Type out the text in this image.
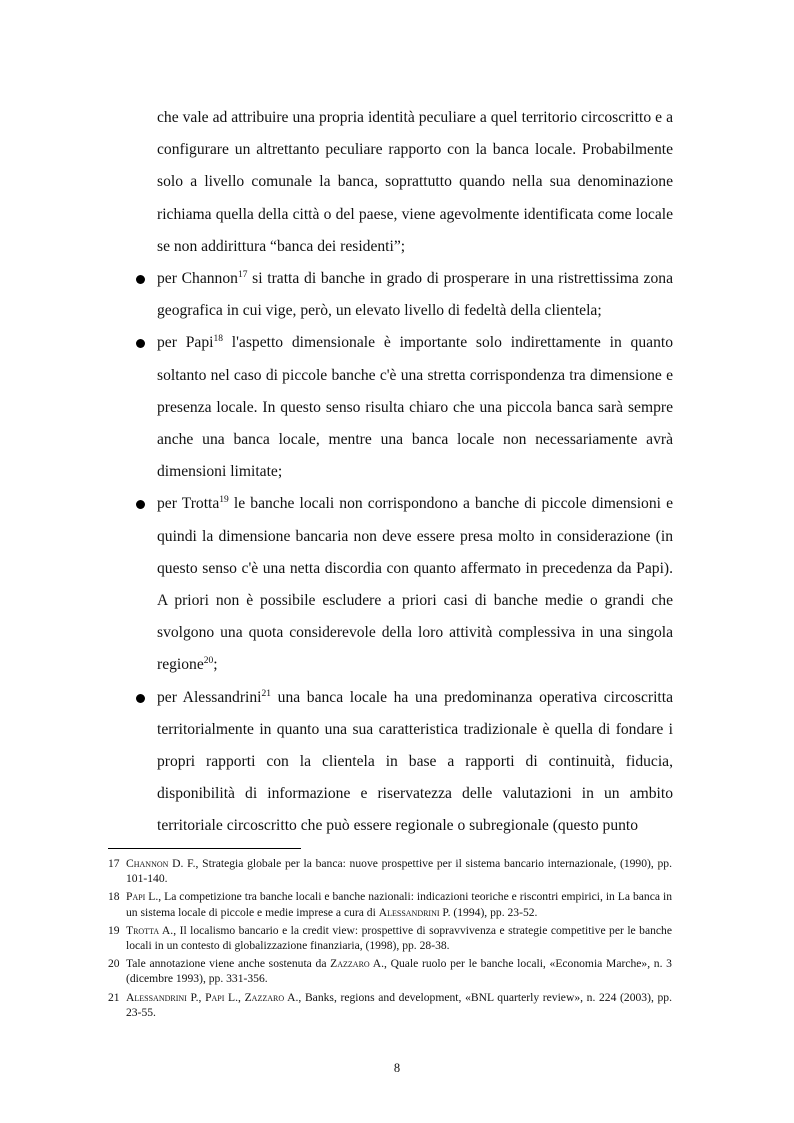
che vale ad attribuire una propria identità peculiare a quel territorio circoscritto e a configurare un altrettanto peculiare rapporto con la banca locale. Probabilmente solo a livello comunale la banca, soprattutto quando nella sua denominazione richiama quella della città o del paese, viene agevolmente identificata come locale se non addirittura “banca dei residenti”;

per Channon$^{17}$ si tratta di banche in grado di prosperare in una ristrettissima zona geografica in cui vige, però, un elevato livello di fedeltà della clientela;

per Papi$^{18}$ l'aspetto dimensionale è importante solo indirettamente in quanto soltanto nel caso di piccole banche c'è una stretta corrispondenza tra dimensione e presenza locale. In questo senso risulta chiaro che una piccola banca sarà sempre anche una banca locale, mentre una banca locale non necessariamente avrà dimensioni limitate;

per Trotta$^{19}$ le banche locali non corrispondono a banche di piccole dimensioni e quindi la dimensione bancaria non deve essere presa molto in considerazione (in questo senso c'è una netta discordia con quanto affermato in precedenza da Papi). A priori non è possibile escludere a priori casi di banche medie o grandi che svolgono una quota considerevole della loro attività complessiva in una singola regione$^{20}$;

per Alessandrini$^{21}$ una banca locale ha una predominanza operativa circoscritta territorialmente in quanto una sua caratteristica tradizionale è quella di fondare i propri rapporti con la clientela in base a rapporti di continuità, fiducia, disponibilità di informazione e riservatezza delle valutazioni in un ambito territoriale circoscritto che può essere regionale o subregionale (questo punto

17 Channon D. F., Strategia globale per la banca: nuove prospettive per il sistema bancario internazionale, (1990), pp. 101-140.
18 Papi L., La competizione tra banche locali e banche nazionali: indicazioni teoriche e riscontri empirici, in La banca in un sistema locale di piccole e medie imprese a cura di Alessandrini P. (1994), pp. 23-52.
19 Trotta A., Il localismo bancario e la credit view: prospettive di sopravvivenza e strategie competitive per le banche locali in un contesto di globalizzazione finanziaria, (1998), pp. 28-38.
20 Tale annotazione viene anche sostenuta da Zazzaro A., Quale ruolo per le banche locali, «Economia Marche», n. 3 (dicembre 1993), pp. 331-356.
21 Alessandrini P., Papi L., Zazzaro A., Banks, regions and development, «BNL quarterly review», n. 224 (2003), pp. 23-55.
8
